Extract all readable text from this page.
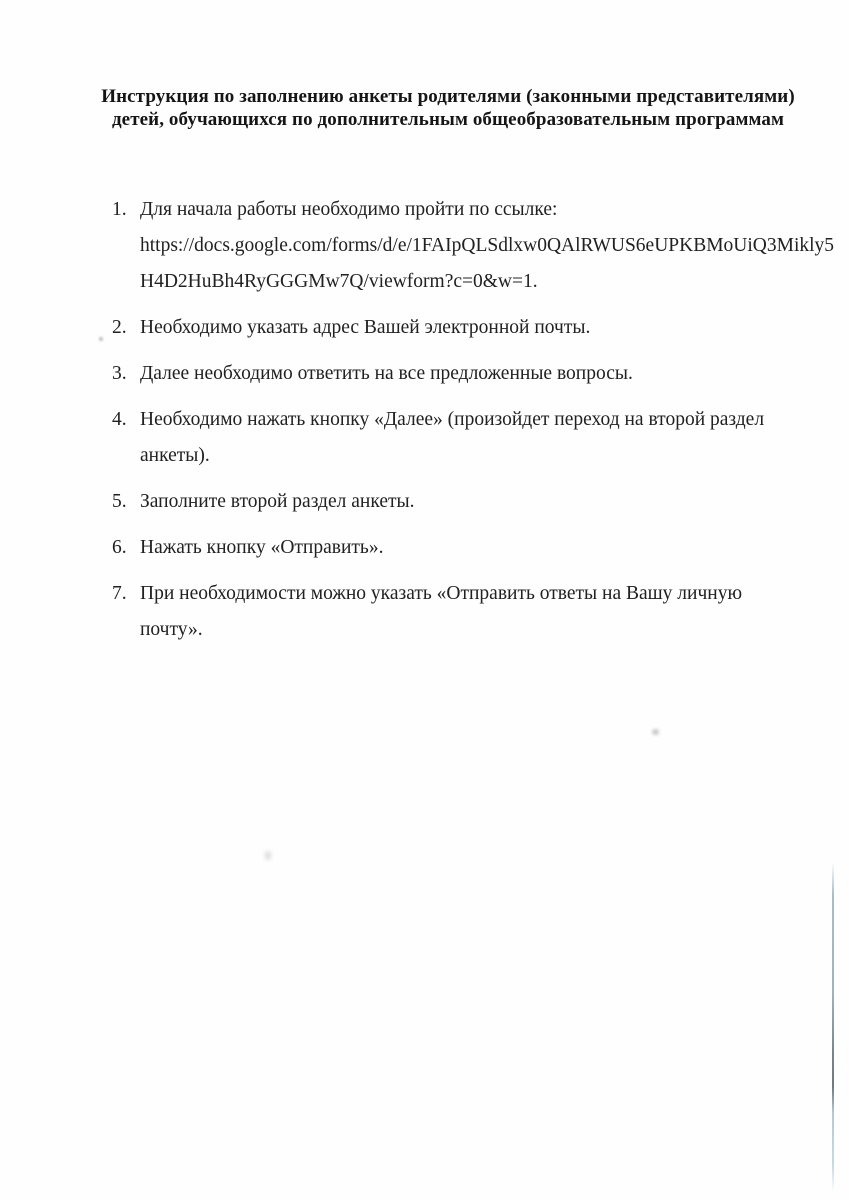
Инструкция по заполнению анкеты родителями (законными представителями)
детей, обучающихся по дополнительным общеобразовательным программам
1. Для начала работы необходимо пройти по ссылке:
https://docs.google.com/forms/d/e/1FAIpQLSdlxw0QAlRWUS6eUPKBMoUiQ3Mikly5
H4D2HuBh4RyGGGMw7Q/viewform?c=0&w=1.
2. Необходимо указать адрес Вашей электронной почты.
3. Далее необходимо ответить на все предложенные вопросы.
4. Необходимо нажать кнопку «Далее» (произойдет переход на второй раздел
анкеты).
5. Заполните второй раздел анкеты.
6. Нажать кнопку «Отправить».
7. При необходимости можно указать «Отправить ответы на Вашу личную почту».
